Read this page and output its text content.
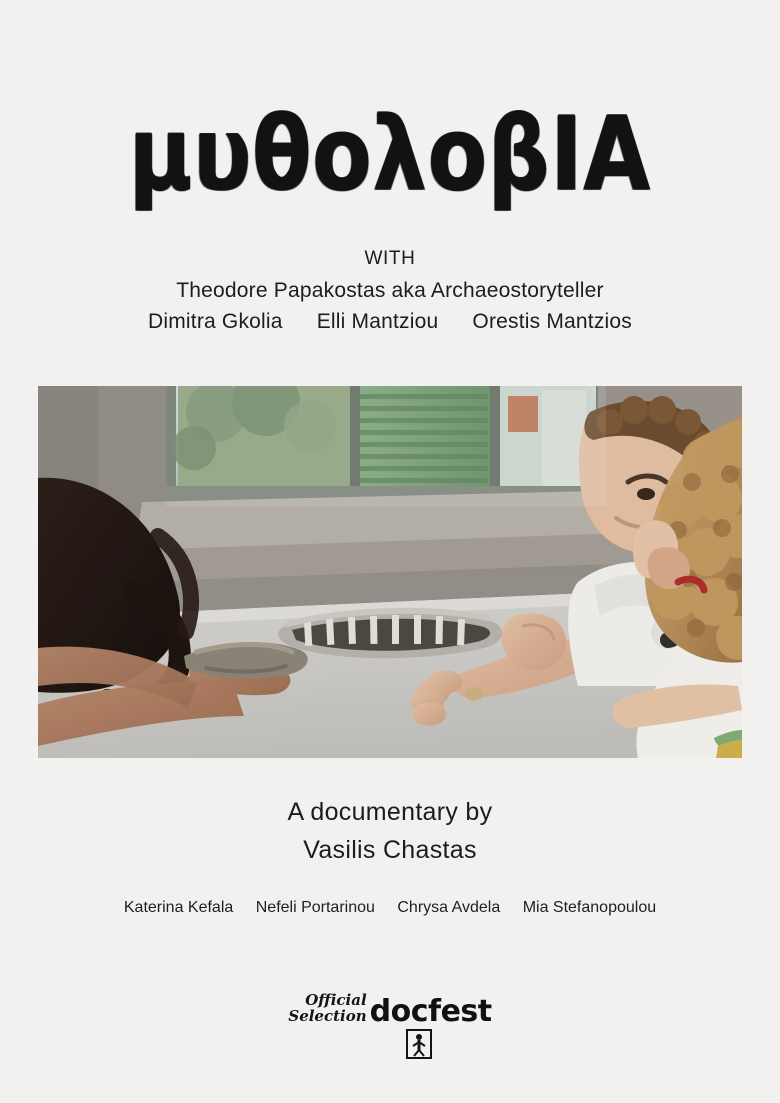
μυθολοβΙΑ
WITH
Theodore Papakostas aka Archaeostoryteller
Dimitra Gkolia Elli Mantziou Orestis Mantzios
A documentary by
Vasilis Chastas
Katerina Kefala Nefeli Portarinou Chrysa Avdela Mia Stefanopoulou
Official
Selection docfest
